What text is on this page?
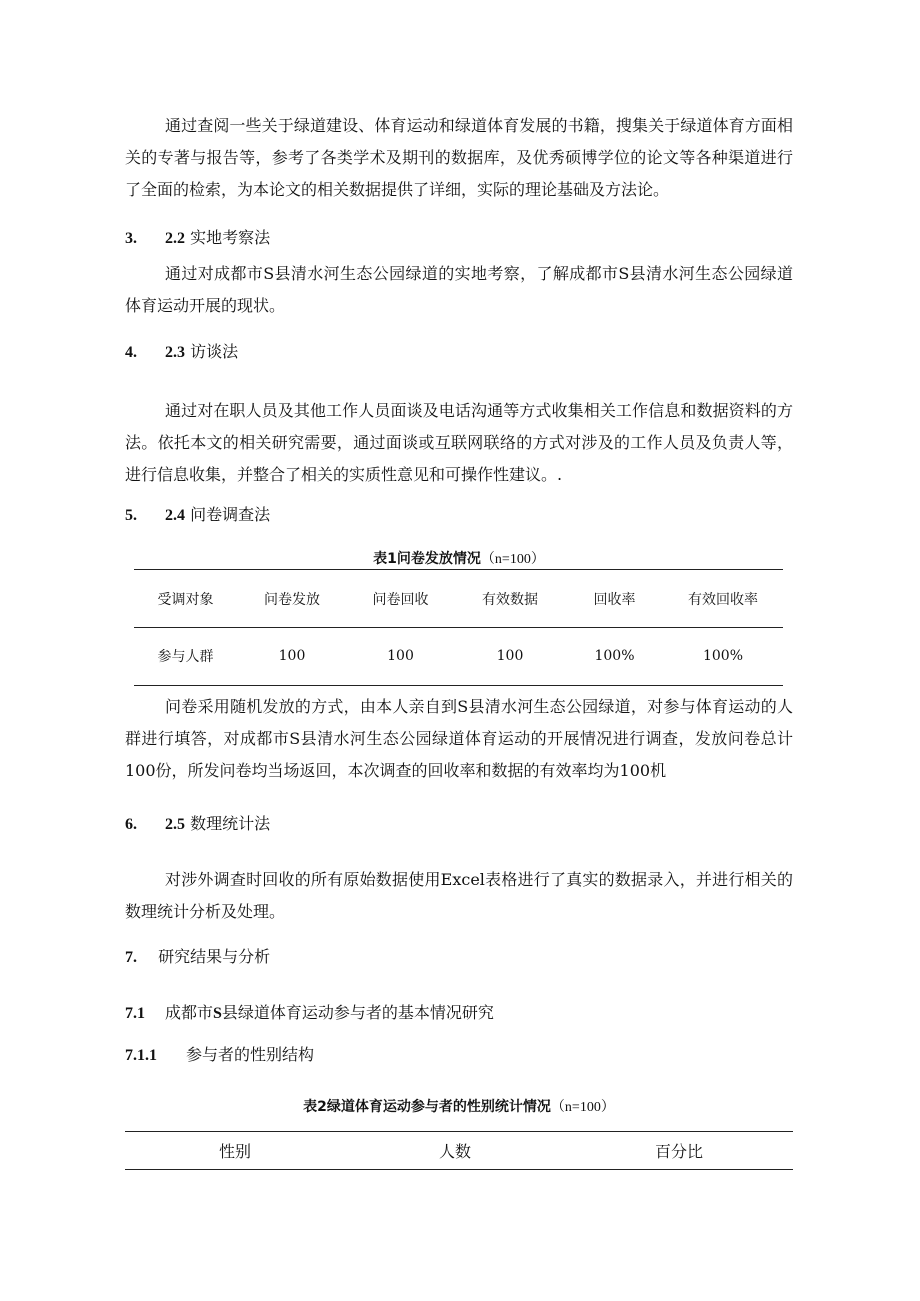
通过查阅一些关于绿道建设、体育运动和绿道体育发展的书籍，搜集关于绿道体育方面相关的专著与报告等，参考了各类学术及期刊的数据库，及优秀硕博学位的论文等各种渠道进行了全面的检索，为本论文的相关数据提供了详细，实际的理论基础及方法论。

3. 2.2 实地考察法

通过对成都市S县清水河生态公园绿道的实地考察，了解成都市S县清水河生态公园绿道体育运动开展的现状。

4. 2.3 访谈法

通过对在职人员及其他工作人员面谈及电话沟通等方式收集相关工作信息和数据资料的方法。依托本文的相关研究需要，通过面谈或互联网联络的方式对涉及的工作人员及负责人等，进行信息收集，并整合了相关的实质性意见和可操作性建议。.

5. 2.4 问卷调查法
表1问卷发放情况（n=100）
受调对象	问卷发放	问卷回收	有效数据	回收率	有效回收率
参与人群	100	100	100	100%	100%

问卷采用随机发放的方式，由本人亲自到S县清水河生态公园绿道，对参与体育运动的人群进行填答，对成都市S县清水河生态公园绿道体育运动的开展情况进行调查，发放问卷总计100份，所发问卷均当场返回，本次调查的回收率和数据的有效率均为100机

6. 2.5 数理统计法

对涉外调查时回收的所有原始数据使用Excel表格进行了真实的数据录入，并进行相关的数理统计分析及处理。

7. 研究结果与分析
7.1 成都市S县绿道体育运动参与者的基本情况研究
7.1.1 参与者的性别结构
表2绿道体育运动参与者的性别统计情况（n=100）
性别	人数	百分比
